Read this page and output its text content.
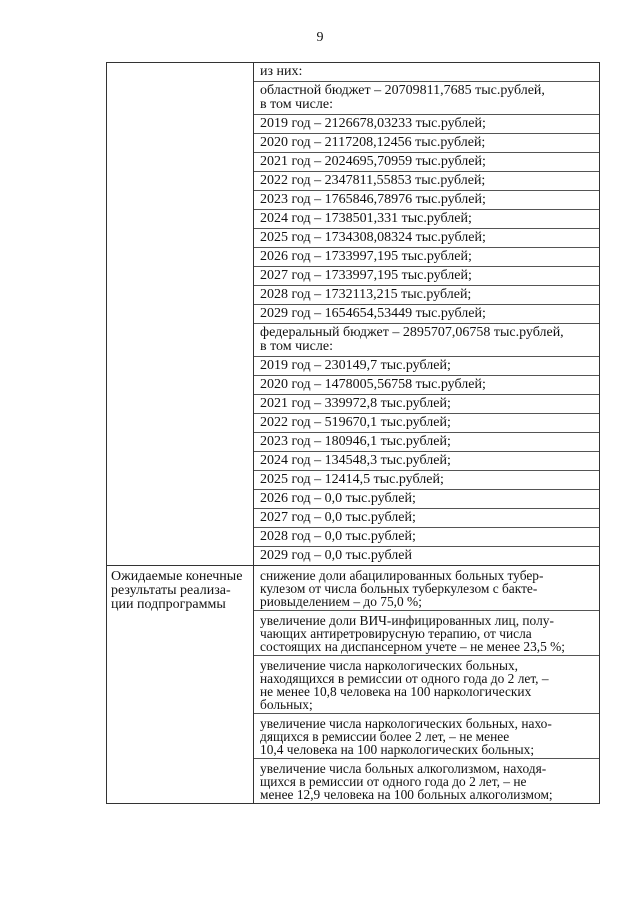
9
из них:
областной бюджет – 20709811,7685 тыс.рублей,
в том числе:
2019 год – 2126678,03233 тыс.рублей;
2020 год – 2117208,12456 тыс.рублей;
2021 год – 2024695,70959 тыс.рублей;
2022 год – 2347811,55853 тыс.рублей;
2023 год – 1765846,78976 тыс.рублей;
2024 год – 1738501,331 тыс.рублей;
2025 год – 1734308,08324 тыс.рублей;
2026 год – 1733997,195 тыс.рублей;
2027 год – 1733997,195 тыс.рублей;
2028 год – 1732113,215 тыс.рублей;
2029 год – 1654654,53449 тыс.рублей;
федеральный бюджет – 2895707,06758 тыс.рублей,
в том числе:
2019 год – 230149,7 тыс.рублей;
2020 год – 1478005,56758 тыс.рублей;
2021 год – 339972,8 тыс.рублей;
2022 год – 519670,1 тыс.рублей;
2023 год – 180946,1 тыс.рублей;
2024 год – 134548,3 тыс.рублей;
2025 год – 12414,5 тыс.рублей;
2026 год – 0,0 тыс.рублей;
2027 год – 0,0 тыс.рублей;
2028 год – 0,0 тыс.рублей;
2029 год – 0,0 тыс.рублей
Ожидаемые конечные
результаты реализа-
ции подпрограммы
снижение доли абацилированных больных тубер-
кулезом от числа больных туберкулезом с бакте-
риовыделением – до 75,0 %;
увеличение доли ВИЧ-инфицированных лиц, полу-
чающих антиретровирусную терапию, от числа
состоящих на диспансерном учете – не менее 23,5 %;
увеличение числа наркологических больных,
находящихся в ремиссии от одного года до 2 лет, –
не менее 10,8 человека на 100 наркологических
больных;
увеличение числа наркологических больных, нахо-
дящихся в ремиссии более 2 лет, – не менее
10,4 человека на 100 наркологических больных;
увеличение числа больных алкоголизмом, находя-
щихся в ремиссии от одного года до 2 лет, – не
менее 12,9 человека на 100 больных алкоголизмом;
